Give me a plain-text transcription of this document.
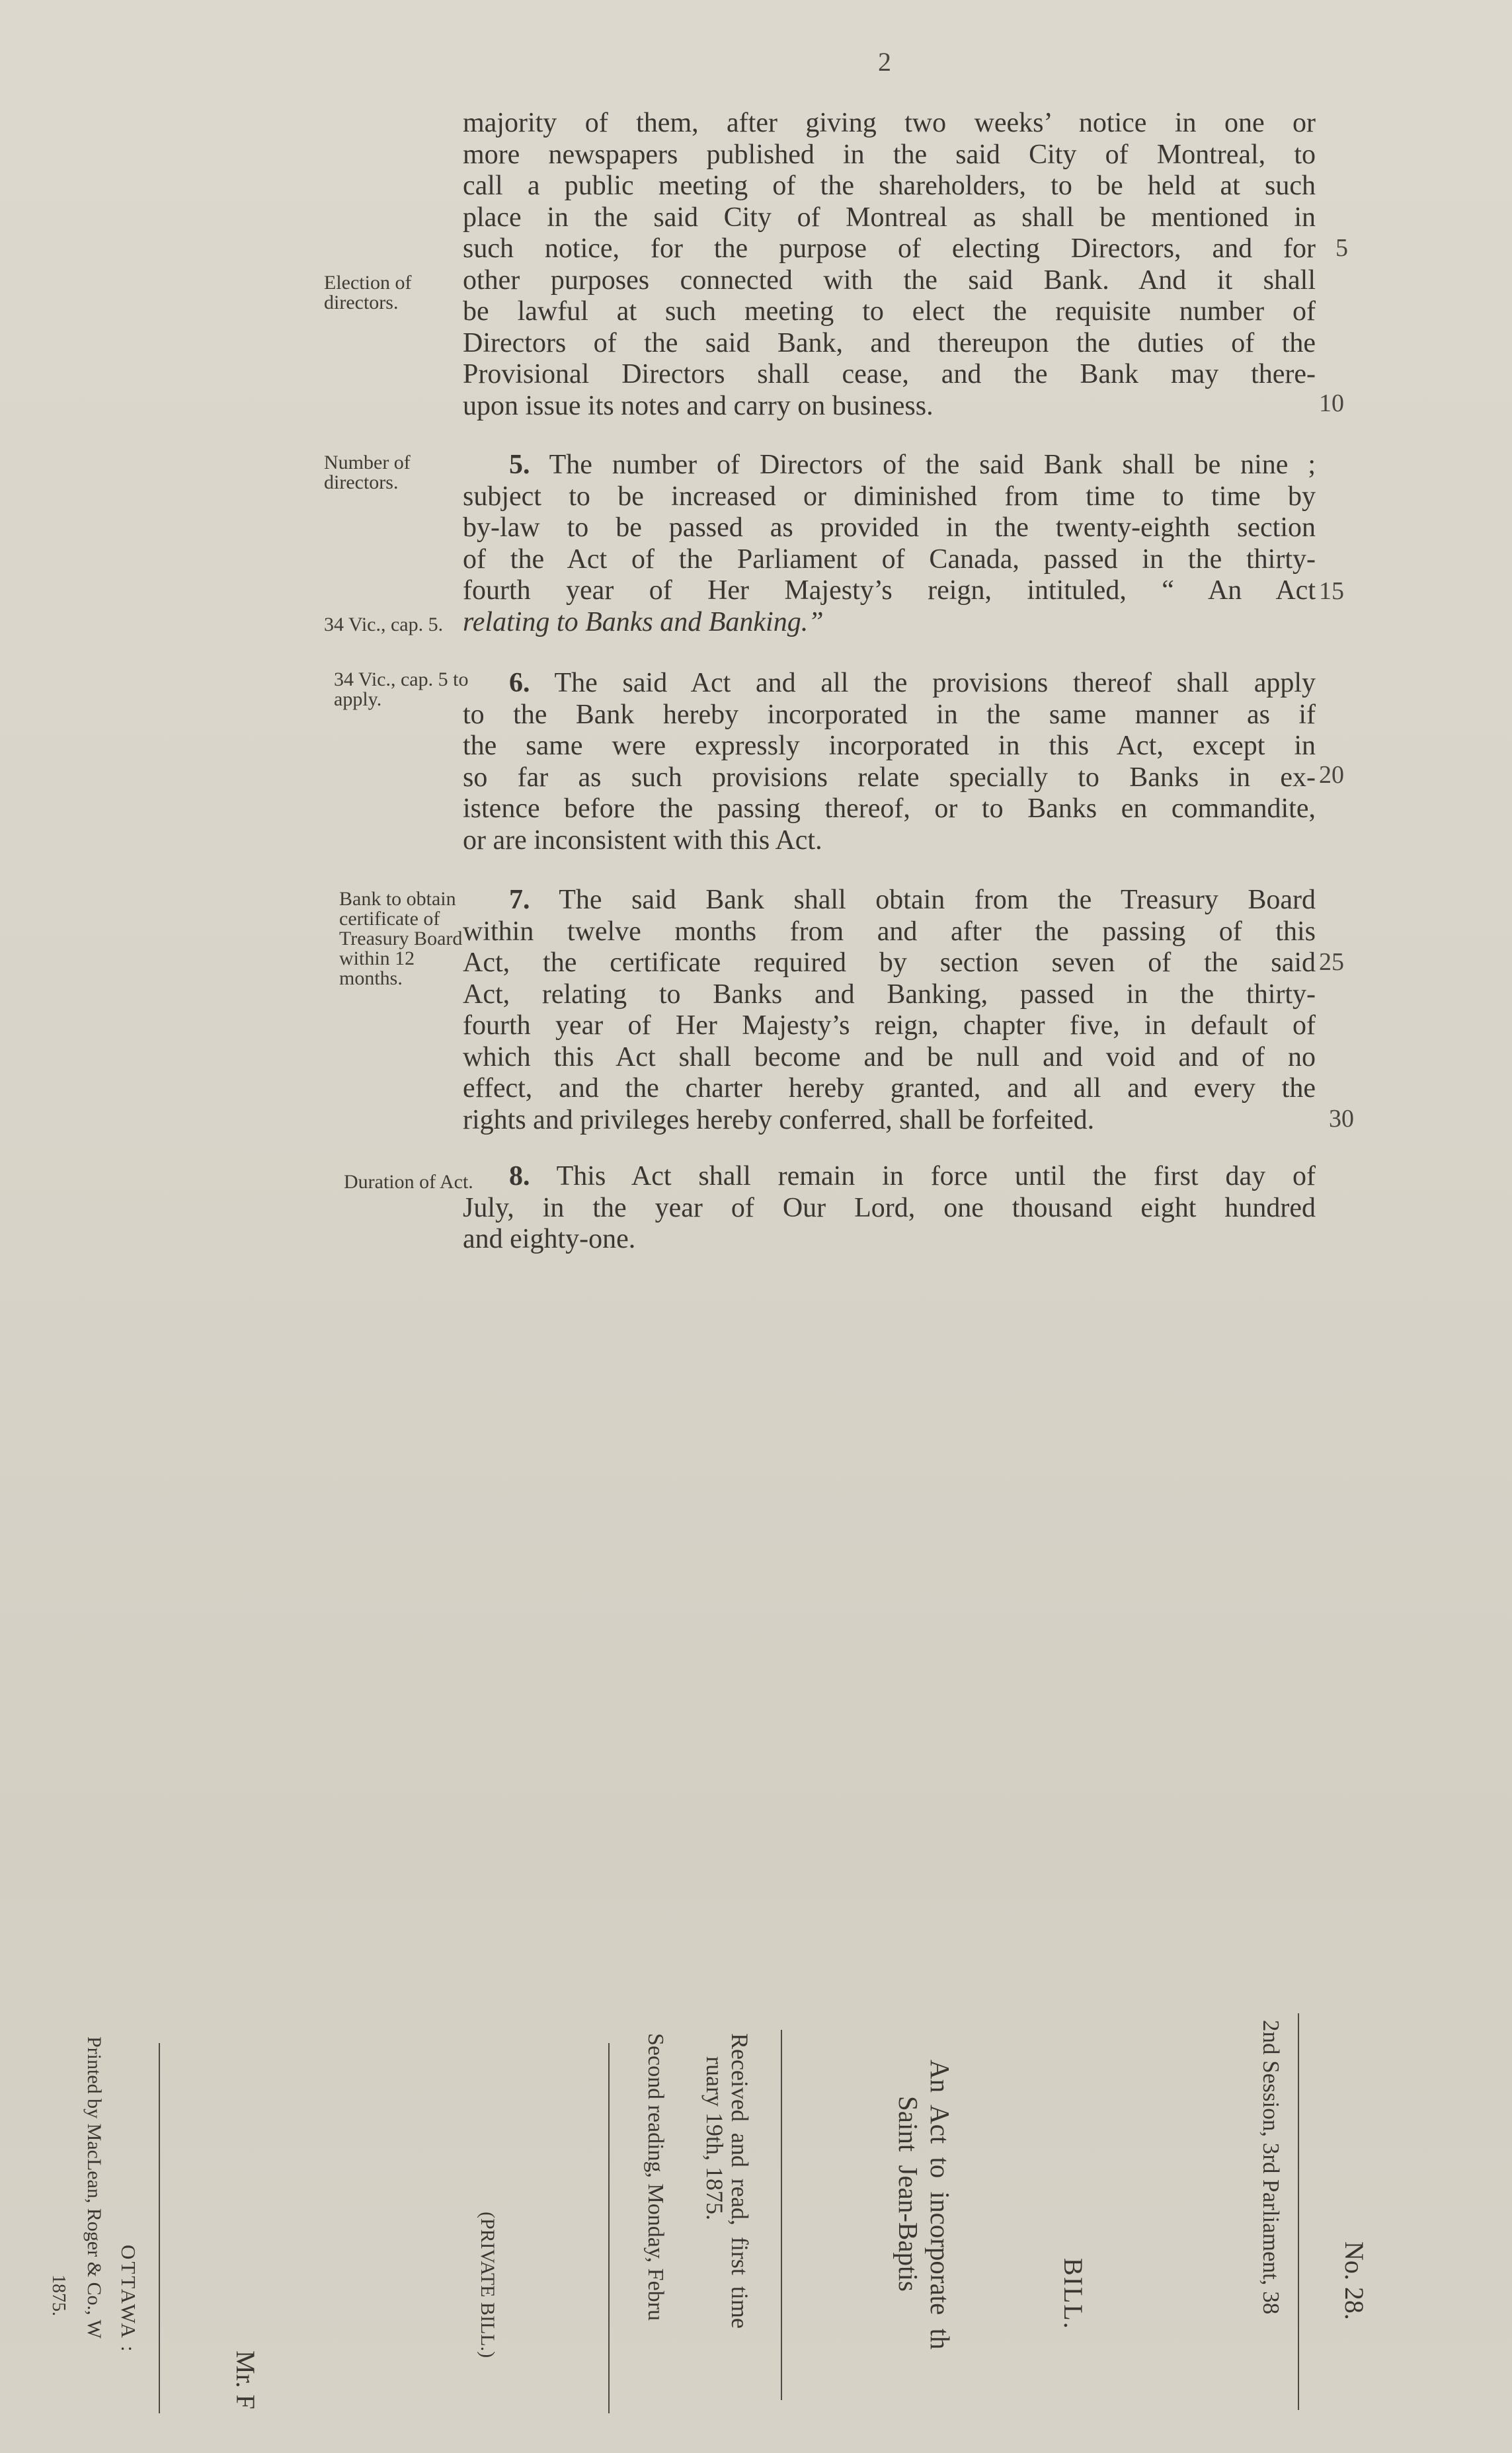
2
majority of them, after giving two weeks’ notice in one or
more newspapers published in the said City of Montreal, to
call a public meeting of the shareholders, to be held at such
place in the said City of Montreal as shall be mentioned in
such notice, for the purpose of electing Directors, and for
other purposes connected with the said Bank. And it shall
be lawful at such meeting to elect the requisite number of
Directors of the said Bank, and thereupon the duties of the
Provisional Directors shall cease, and the Bank may there-
upon issue its notes and carry on business.
5. The number of Directors of the said Bank shall be nine ;
subject to be increased or diminished from time to time by
by-law to be passed as provided in the twenty-eighth section
of the Act of the Parliament of Canada, passed in the thirty-
fourth year of Her Majesty’s reign, intituled, “ An Act
relating to Banks and Banking.”
6. The said Act and all the provisions thereof shall apply
to the Bank hereby incorporated in the same manner as if
the same were expressly incorporated in this Act, except in
so far as such provisions relate specially to Banks in ex-
istence before the passing thereof, or to Banks en commandite,
or are inconsistent with this Act.
7. The said Bank shall obtain from the Treasury Board
within twelve months from and after the passing of this
Act, the certificate required by section seven of the said
Act, relating to Banks and Banking, passed in the thirty-
fourth year of Her Majesty’s reign, chapter five, in default of
which this Act shall become and be null and void and of no
effect, and the charter hereby granted, and all and every the
rights and privileges hereby conferred, shall be forfeited.
8. This Act shall remain in force until the first day of
July, in the year of Our Lord, one thousand eight hundred
and eighty-one.
Election of directors.
Number of directors.
34 Vic., cap. 5.
34 Vic., cap. 5 to apply.
Bank to obtain certificate of Treasury Board within 12 months.
Duration of Act.
5
10
15
20
25
30
No. 28.
2nd Session, 3rd Parliament, 38
BILL.
An Act to incorporate th
Saint Jean-Baptis
Received and read, first time
ruary 19th, 1875.
Second reading, Monday, Febru
(PRIVATE BILL.)
Mr. F
OTTAWA :
Printed by MacLean, Roger & Co., W
1875.
